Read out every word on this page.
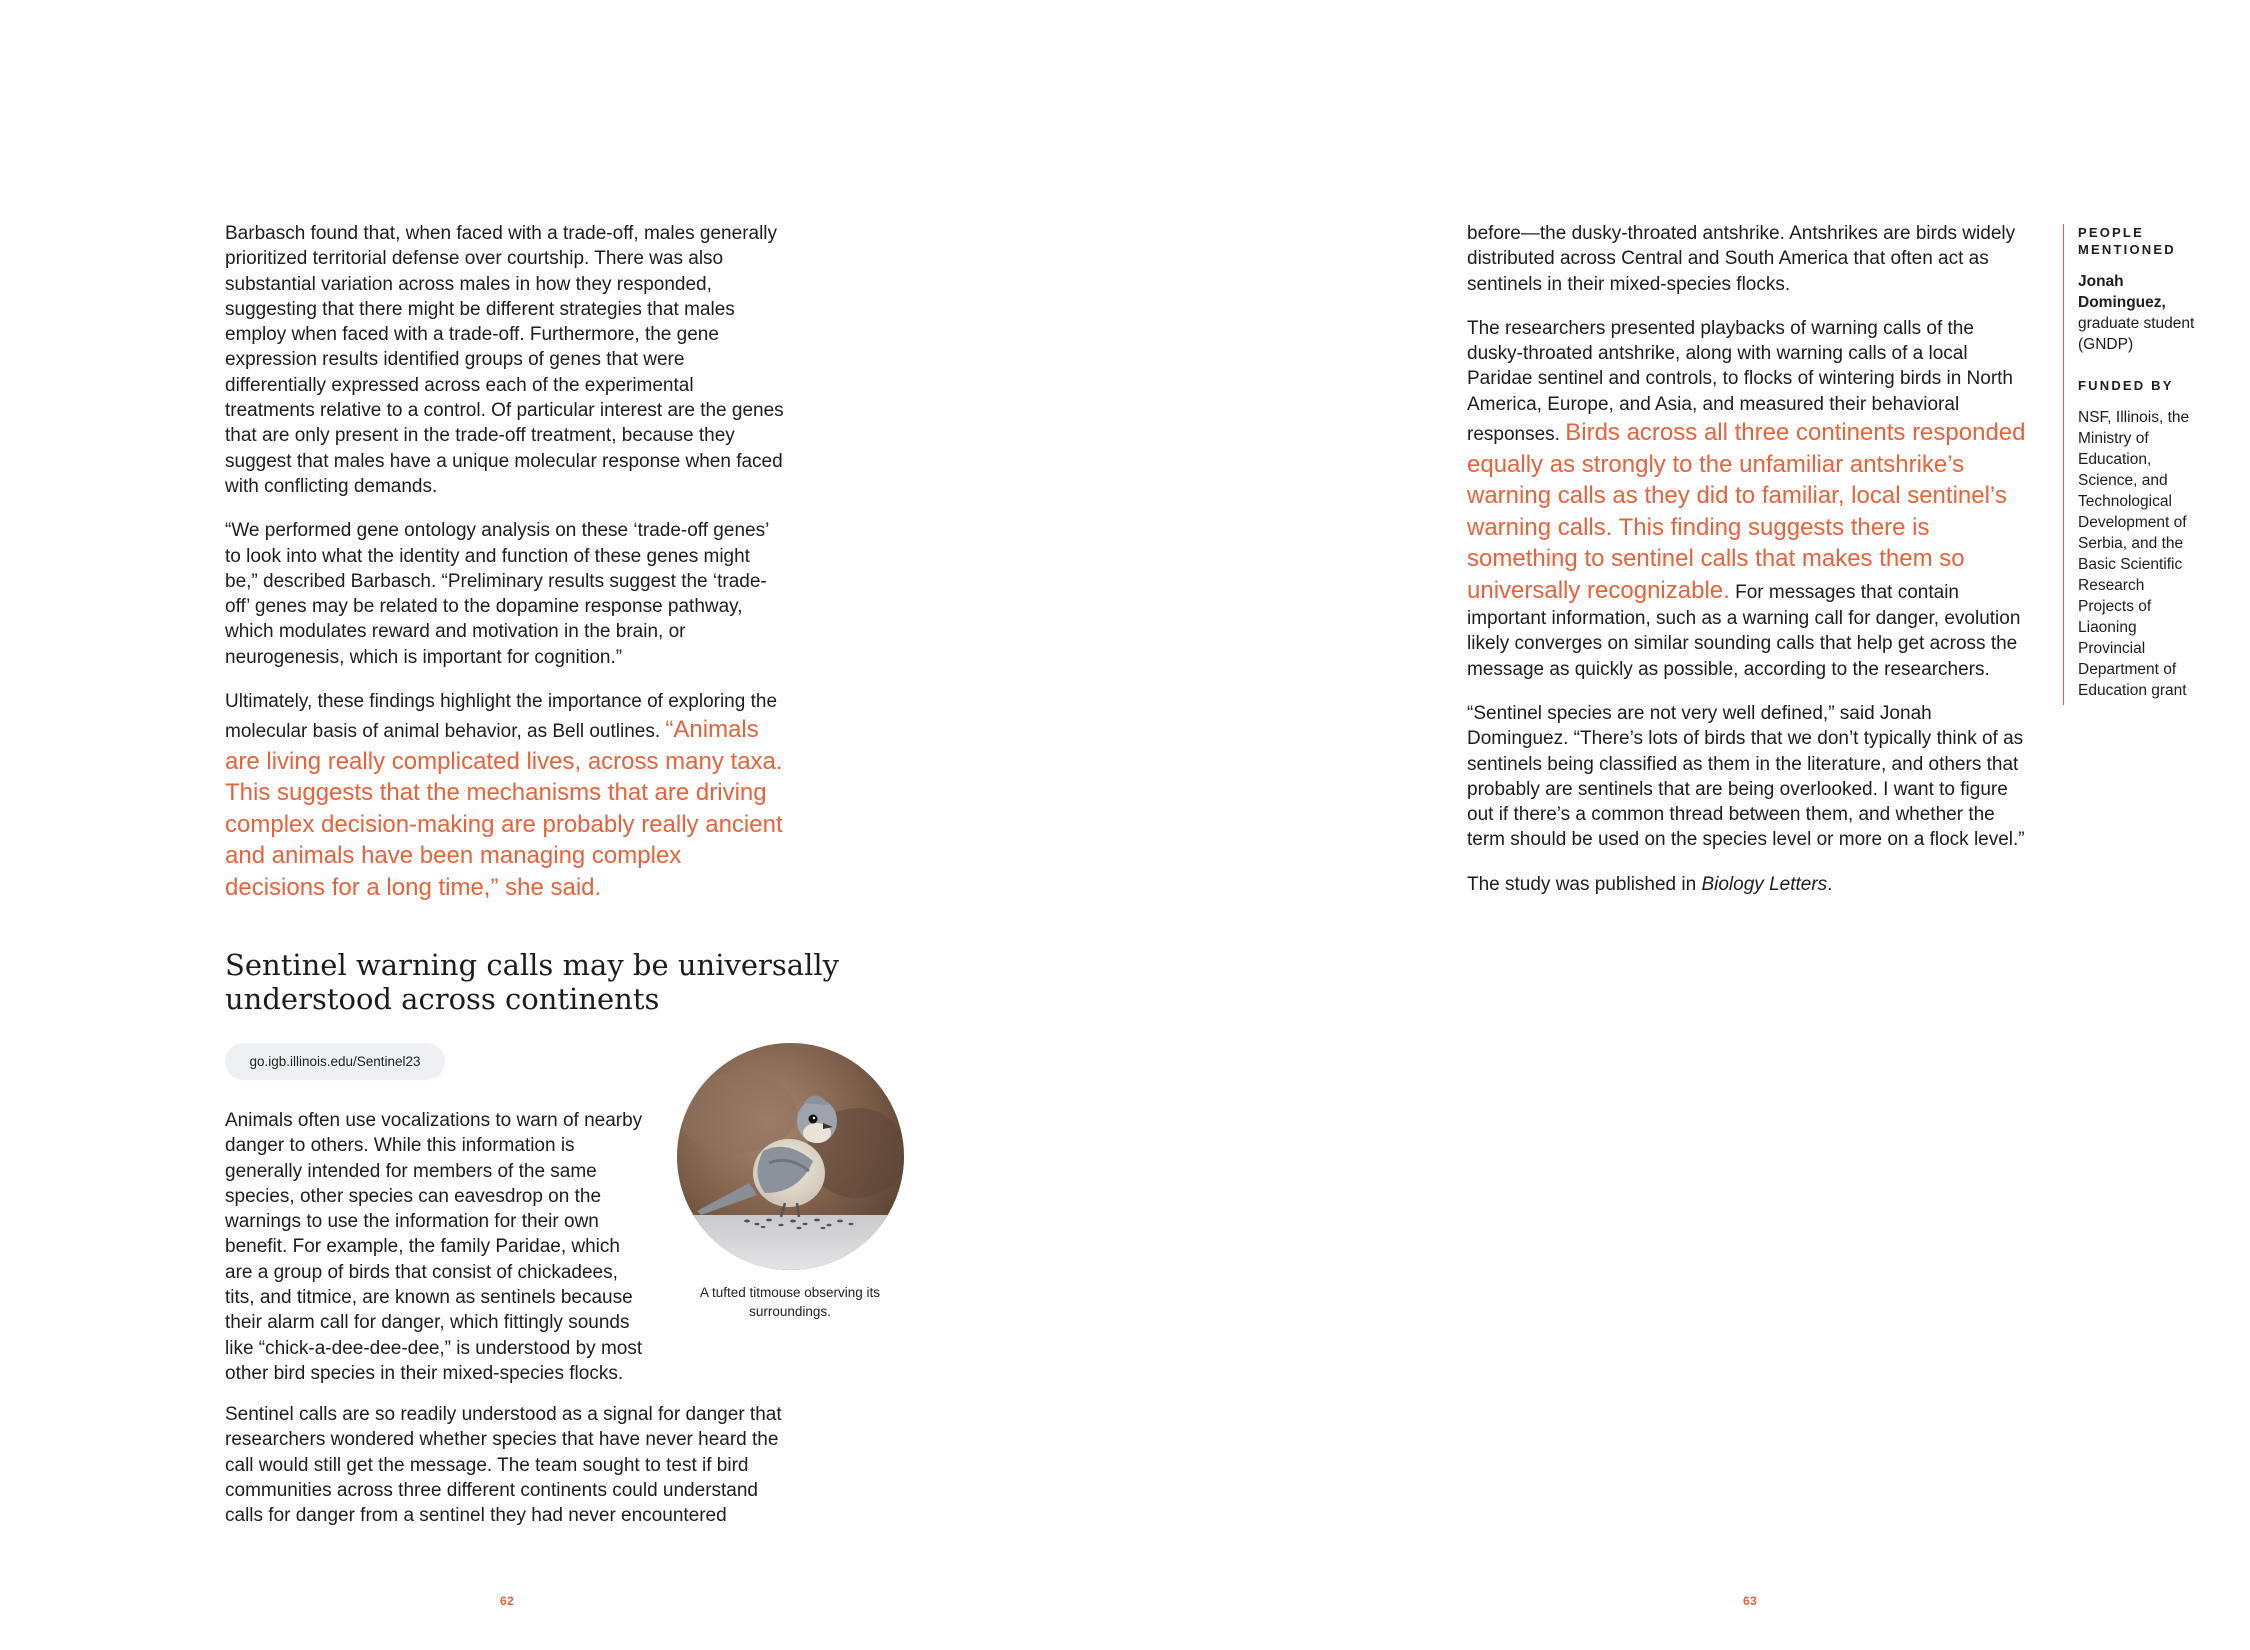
Barbasch found that, when faced with a trade-off, males generally prioritized territorial defense over courtship. There was also substantial variation across males in how they responded, suggesting that there might be different strategies that males employ when faced with a trade-off. Furthermore, the gene expression results identified groups of genes that were differentially expressed across each of the experimental treatments relative to a control. Of particular interest are the genes that are only present in the trade-off treatment, because they suggest that males have a unique molecular response when faced with conflicting demands.

“We performed gene ontology analysis on these ‘trade-off genes’ to look into what the identity and function of these genes might be,” described Barbasch. “Preliminary results suggest the ‘trade-off’ genes may be related to the dopamine response pathway, which modulates reward and motivation in the brain, or neurogenesis, which is important for cognition.”

Ultimately, these findings highlight the importance of exploring the molecular basis of animal behavior, as Bell outlines. “Animals are living really complicated lives, across many taxa. This suggests that the mechanisms that are driving complex decision-making are probably really ancient and animals have been managing complex decisions for a long time,” she said.

Sentinel warning calls may be universally understood across continents
go.igb.illinois.edu/Sentinel23
A tufted titmouse observing its surroundings.

Animals often use vocalizations to warn of nearby danger to others. While this information is generally intended for members of the same species, other species can eavesdrop on the warnings to use the information for their own benefit. For example, the family Paridae, which are a group of birds that consist of chickadees, tits, and titmice, are known as sentinels because their alarm call for danger, which fittingly sounds like “chick-a-dee-dee-dee,” is understood by most other bird species in their mixed-species flocks.

Sentinel calls are so readily understood as a signal for danger that researchers wondered whether species that have never heard the call would still get the message. The team sought to test if bird communities across three different continents could understand calls for danger from a sentinel they had never encountered

62

before—the dusky-throated antshrike. Antshrikes are birds widely distributed across Central and South America that often act as sentinels in their mixed-species flocks.

The researchers presented playbacks of warning calls of the dusky-throated antshrike, along with warning calls of a local Paridae sentinel and controls, to flocks of wintering birds in North America, Europe, and Asia, and measured their behavioral responses. Birds across all three continents responded equally as strongly to the unfamiliar antshrike’s warning calls as they did to familiar, local sentinel’s warning calls. This finding suggests there is something to sentinel calls that makes them so universally recognizable. For messages that contain important information, such as a warning call for danger, evolution likely converges on similar sounding calls that help get across the message as quickly as possible, according to the researchers.

“Sentinel species are not very well defined,” said Jonah Dominguez. “There’s lots of birds that we don’t typically think of as sentinels being classified as them in the literature, and others that probably are sentinels that are being overlooked. I want to figure out if there’s a common thread between them, and whether the term should be used on the species level or more on a flock level.”

The study was published in Biology Letters.

PEOPLE MENTIONED
Jonah Dominguez,
graduate student (GNDP)
FUNDED BY
NSF, Illinois, the Ministry of Education, Science, and Technological Development of Serbia, and the Basic Scientific Research Projects of Liaoning Provincial Department of Education grant
63
